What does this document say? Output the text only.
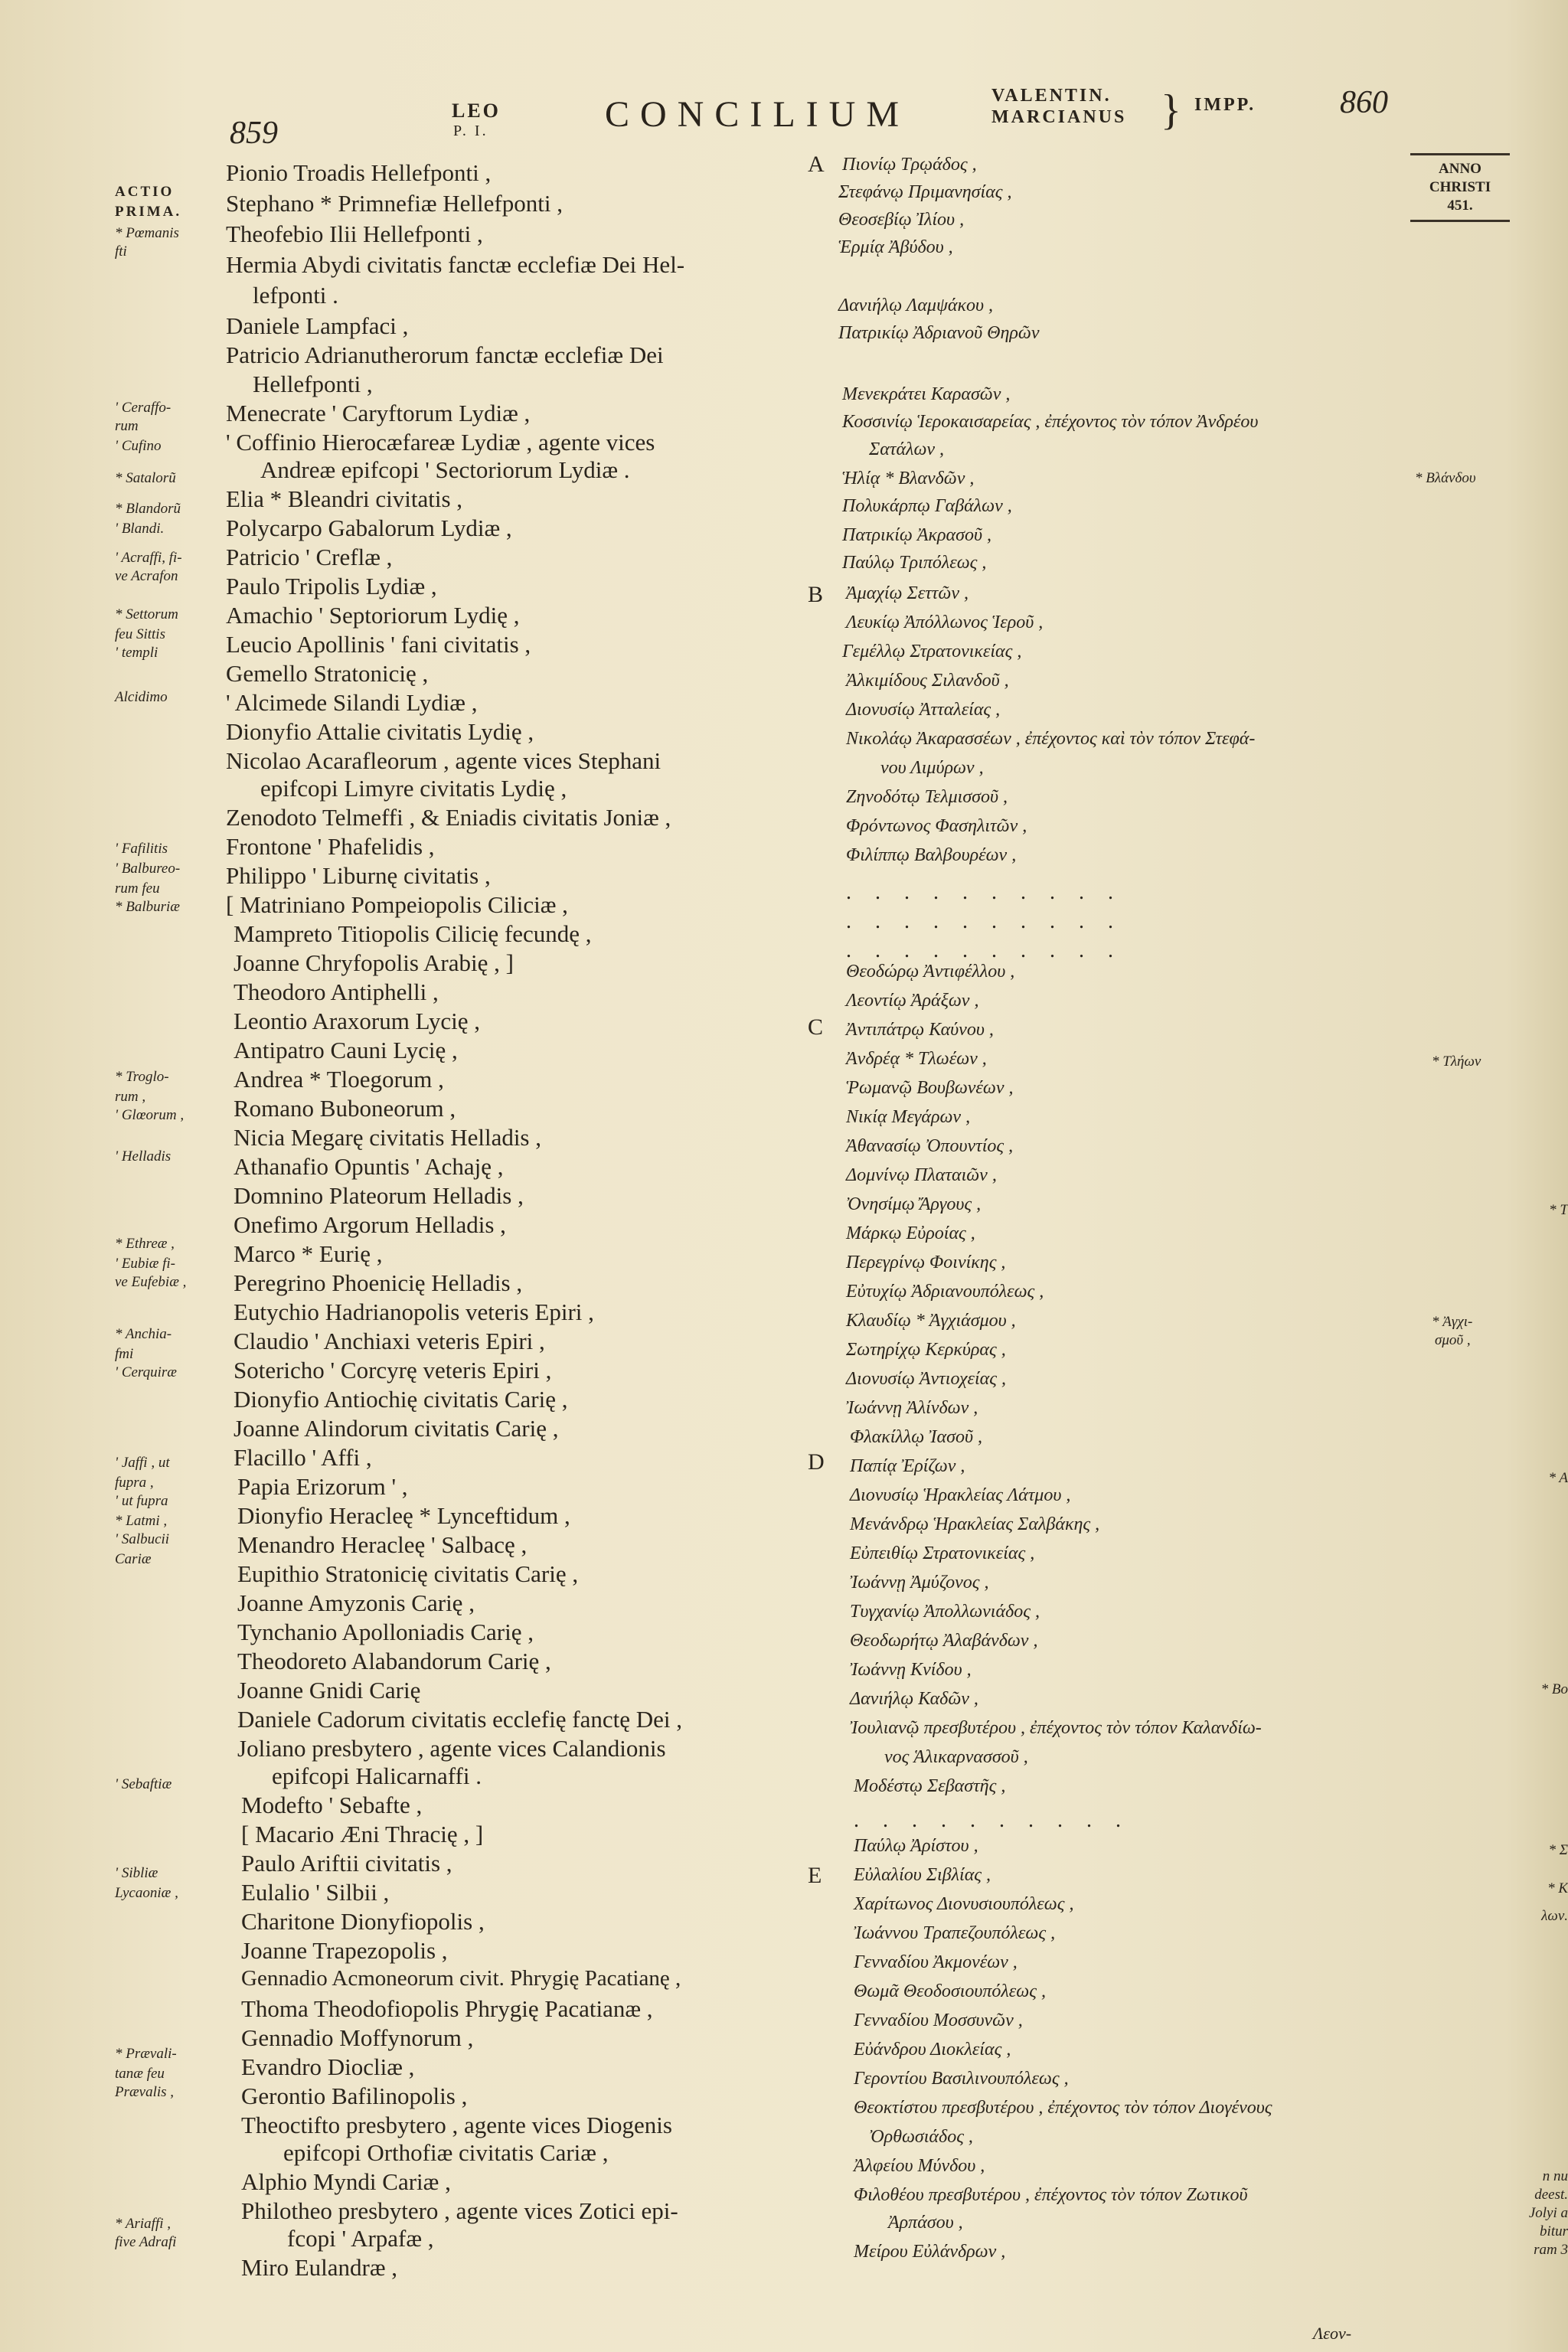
859
LEO
P. I.	CONCILIUM	VALENTIN.
MARCIANUS } IMPP.	860
ANNO
CHRISTI
451.
A
B
C
D
E
ACTIO
PRIMA.
* Pœmanis
fti
' Ceraffo-
rum
' Cufino
* Satalorũ
* Blandorũ
' Blandi.
' Acraffi, fi-
ve Acrafon
* Settorum
feu Sittis
' templi
Alcidimo
' Fafilitis
' Balbureo-
rum feu
* Balburiæ
* Troglo-
rum ,
' Glœorum ,
' Helladis
* Ethreæ ,
' Eubiæ fi-
ve Eufebiæ ,
* Anchia-
fmi
' Cerquiræ
' Jaffi , ut
fupra ,
' ut fupra
* Latmi ,
' Salbucii
Cariæ
' Sebaftiæ
' Sibliæ
Lycaoniæ ,
* Prævali-
tanæ feu
Prævalis ,
* Ariaffi ,
five Adrafi
Pionio Troadis Hellefponti ,
Stephano * Primnefiæ Hellefponti ,
Theofebio Ilii Hellefponti ,
Hermia Abydi civitatis fanctæ ecclefiæ Dei Hel-
lefponti .
Daniele Lampfaci ,
Patricio Adrianutherorum fanctæ ecclefiæ Dei
Hellefponti ,
Menecrate ' Caryftorum Lydiæ ,
' Coffinio Hierocæfareæ Lydiæ , agente vices
Andreæ epifcopi ' Sectoriorum Lydiæ .
Elia * Bleandri civitatis ,
Polycarpo Gabalorum Lydiæ ,
Patricio ' Creflæ ,
Paulo Tripolis Lydiæ ,
Amachio ' Septoriorum Lydię ,
Leucio Apollinis ' fani civitatis ,
Gemello Stratonicię ,
' Alcimede Silandi Lydiæ ,
Dionyfio Attalie civitatis Lydię ,
Nicolao Acarafleorum , agente vices Stephani
epifcopi Limyre civitatis Lydię ,
Zenodoto Telmeffi , & Eniadis civitatis Joniæ ,
Frontone ' Phafelidis ,
Philippo ' Liburnę civitatis ,
[ Matriniano Pompeiopolis Ciliciæ ,
Mampreto Titiopolis Cilicię fecundę ,
Joanne Chryfopolis Arabię , ]
Theodoro Antiphelli ,
Leontio Araxorum Lycię ,
Antipatro Cauni Lycię ,
Andrea * Tloegorum ,
Romano Buboneorum ,
Nicia Megarę civitatis Helladis ,
Athanafio Opuntis ' Achaję ,
Domnino Plateorum Helladis ,
Onefimo Argorum Helladis ,
Marco * Eurię ,
Peregrino Phoenicię Helladis ,
Eutychio Hadrianopolis veteris Epiri ,
Claudio ' Anchiaxi veteris Epiri ,
Sotericho ' Corcyrę veteris Epiri ,
Dionyfio Antiochię civitatis Carię ,
Joanne Alindorum civitatis Carię ,
Flacillo ' Affi ,
Papia Erizorum ' ,
Dionyfio Heracleę * Lynceftidum ,
Menandro Heracleę ' Salbacę ,
Eupithio Stratonicię civitatis Carię ,
Joanne Amyzonis Carię ,
Tynchanio Apolloniadis Carię ,
Theodoreto Alabandorum Carię ,
Joanne Gnidi Carię
Daniele Cadorum civitatis ecclefię fanctę Dei ,
Joliano presbytero , agente vices Calandionis
epifcopi Halicarnaffi .
Modefto ' Sebafte ,
[ Macario Æni Thracię , ]
Paulo Ariftii civitatis ,
Eulalio ' Silbii ,
Charitone Dionyfiopolis ,
Joanne Trapezopolis ,
Gennadio Acmoneorum civit. Phrygię Pacatianę ,
Thoma Theodofiopolis Phrygię Pacatianæ ,
Gennadio Moffynorum ,
Evandro Diocliæ ,
Gerontio Bafilinopolis ,
Theoctifto presbytero , agente vices Diogenis
epifcopi Orthofiæ civitatis Cariæ ,
Alphio Myndi Cariæ ,
Philotheo presbytero , agente vices Zotici epi-
fcopi ' Arpafæ ,
Miro Eulandræ ,
Πιονίῳ Τρῳάδος ,
Στεφάνῳ Πριμανησίας ,
Θεοσεβίῳ Ἰλίου ,
Ἑρμίᾳ Ἀβύδου ,
Δανιήλῳ Λαμψάκου ,
Πατρικίῳ Ἀδριανοῦ Θηρῶν
Μενεκράτει Καρασῶν ,
Κοσσινίῳ Ἱεροκαισαρείας , ἐπέχοντος τὸν τόπον Ἀνδρέου
Σατάλων ,
Ἡλίᾳ * Βλανδῶν ,
Πολυκάρπῳ Γαβάλων ,
Πατρικίῳ Ἀκρασοῦ ,
Παύλῳ Τριπόλεως ,
Ἀμαχίῳ Σεττῶν ,
Λευκίῳ Ἀπόλλωνος Ἱεροῦ ,
Γεμέλλῳ Στρατονικείας ,
Ἀλκιμίδους Σιλανδοῦ ,
Διονυσίῳ Ἀτταλείας ,
Νικολάῳ Ἀκαρασσέων , ἐπέχοντος καὶ τὸν τόπον Στεφά-
νου Λιμύρων ,
Ζηνοδότῳ Τελμισσοῦ ,
Φρόντωνος Φασηλιτῶν ,
Φιλίππῳ Βαλβουρέων ,
. . . . . . . . . .
. . . . . . . . . .
. . . . . . . . . .
Θεοδώρῳ Ἀντιφέλλου ,
Λεοντίῳ Ἀράξων ,
Ἀντιπάτρῳ Καύνου ,
Ἀνδρέᾳ * Τλωέων ,
Ῥωμανῷ Βουβωνέων ,
Νικίᾳ Μεγάρων ,
Ἀθανασίῳ Ὀπουντίος ,
Δομνίνῳ Πλαταιῶν ,
Ὀνησίμῳ Ἄργους ,
Μάρκῳ Εὐροίας ,
Περεγρίνῳ Φοινίκης ,
Εὐτυχίῳ Ἀδριανουπόλεως ,
Κλαυδίῳ * Ἀγχιάσμου ,
Σωτηρίχῳ Κερκύρας ,
Διονυσίῳ Ἀντιοχείας ,
Ἰωάννῃ Ἀλίνδων ,
Φλακίλλῳ Ἰασοῦ ,
Παπίᾳ Ἐρίζων ,
Διονυσίῳ Ἡρακλείας Λάτμου ,
Μενάνδρῳ Ἡρακλείας Σαλβάκης ,
Εὐπειθίῳ Στρατονικείας ,
Ἰωάννῃ Ἀμύζονος ,
Τυγχανίῳ Ἀπολλωνιάδος ,
Θεοδωρήτῳ Ἀλαβάνδων ,
Ἰωάννῃ Κνίδου ,
Δανιήλῳ Καδῶν ,
Ἰουλιανῷ πρεσβυτέρου , ἐπέχοντος τὸν τόπον Καλανδίω-
νος Ἁλικαρνασσοῦ ,
Μοδέστῳ Σεβαστῆς ,
. . . . . . . . . .
Παύλῳ Ἀρίστου ,
Εὐλαλίου Σιβλίας ,
Χαρίτωνος Διονυσιουπόλεως ,
Ἰωάννου Τραπεζουπόλεως ,
Γενναδίου Ἀκμονέων ,
Θωμᾶ Θεοδοσιουπόλεως ,
Γενναδίου Μοσσυνῶν ,
Εὐάνδρου Διοκλείας ,
Γεροντίου Βασιλινουπόλεως ,
Θεοκτίστου πρεσβυτέρου , ἐπέχοντος τὸν τόπον Διογένους
Ὀρθωσιάδος ,
Ἀλφείου Μύνδου ,
Φιλοθέου πρεσβυτέρου , ἐπέχοντος τὸν τόπον Ζωτικοῦ
Ἀρπάσου ,
Μείρου Εὐλάνδρων ,
* Βλάνδου
* Τλήων
* Ἀγχι-
σμοῦ ,
* T
* A
* Bo
* Σ
* K
λων.
n nu
deest.
Jolyi a
bitur
ram 3
Λεον-
